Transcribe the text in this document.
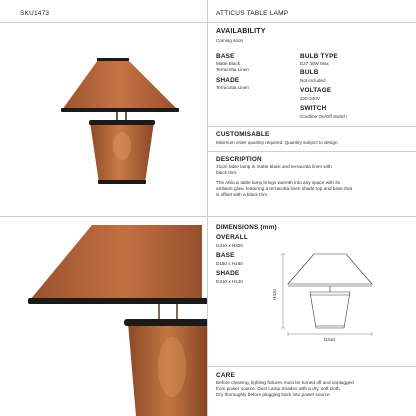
SKU1473	ATTICUS TABLE LAMP
AVAILABILITY
Coming soon
BASE
Matte Black
Terracotta Linen
SHADE
Terracotta Linen
BULB TYPE
E27 40W Max
BULB
Not included
VOLTAGE
220-240V
SWITCH
Cordline On/Off Switch
CUSTOMISABLE
Minimum order quantity required. Quantity subject to design.
DESCRIPTION
31cm table lamp in matte black and terracotta linen with
black trim.
The Atticus table lamp brings warmth into any space with its
ambient glow, featuring a terracotta linen shade top and base that
is offset with a black trim.
DIMENSIONS (mm)
OVERALL
D310 x H320
BASE
D160 x H160
SHADE
D310 x H140
H320
D310
CARE
Before cleaning, lighting fixtures must be turned off and unplugged
from power source. Dust Lamp Shades with a dry, soft cloth.
Dry thoroughly before plugging back into power source.
